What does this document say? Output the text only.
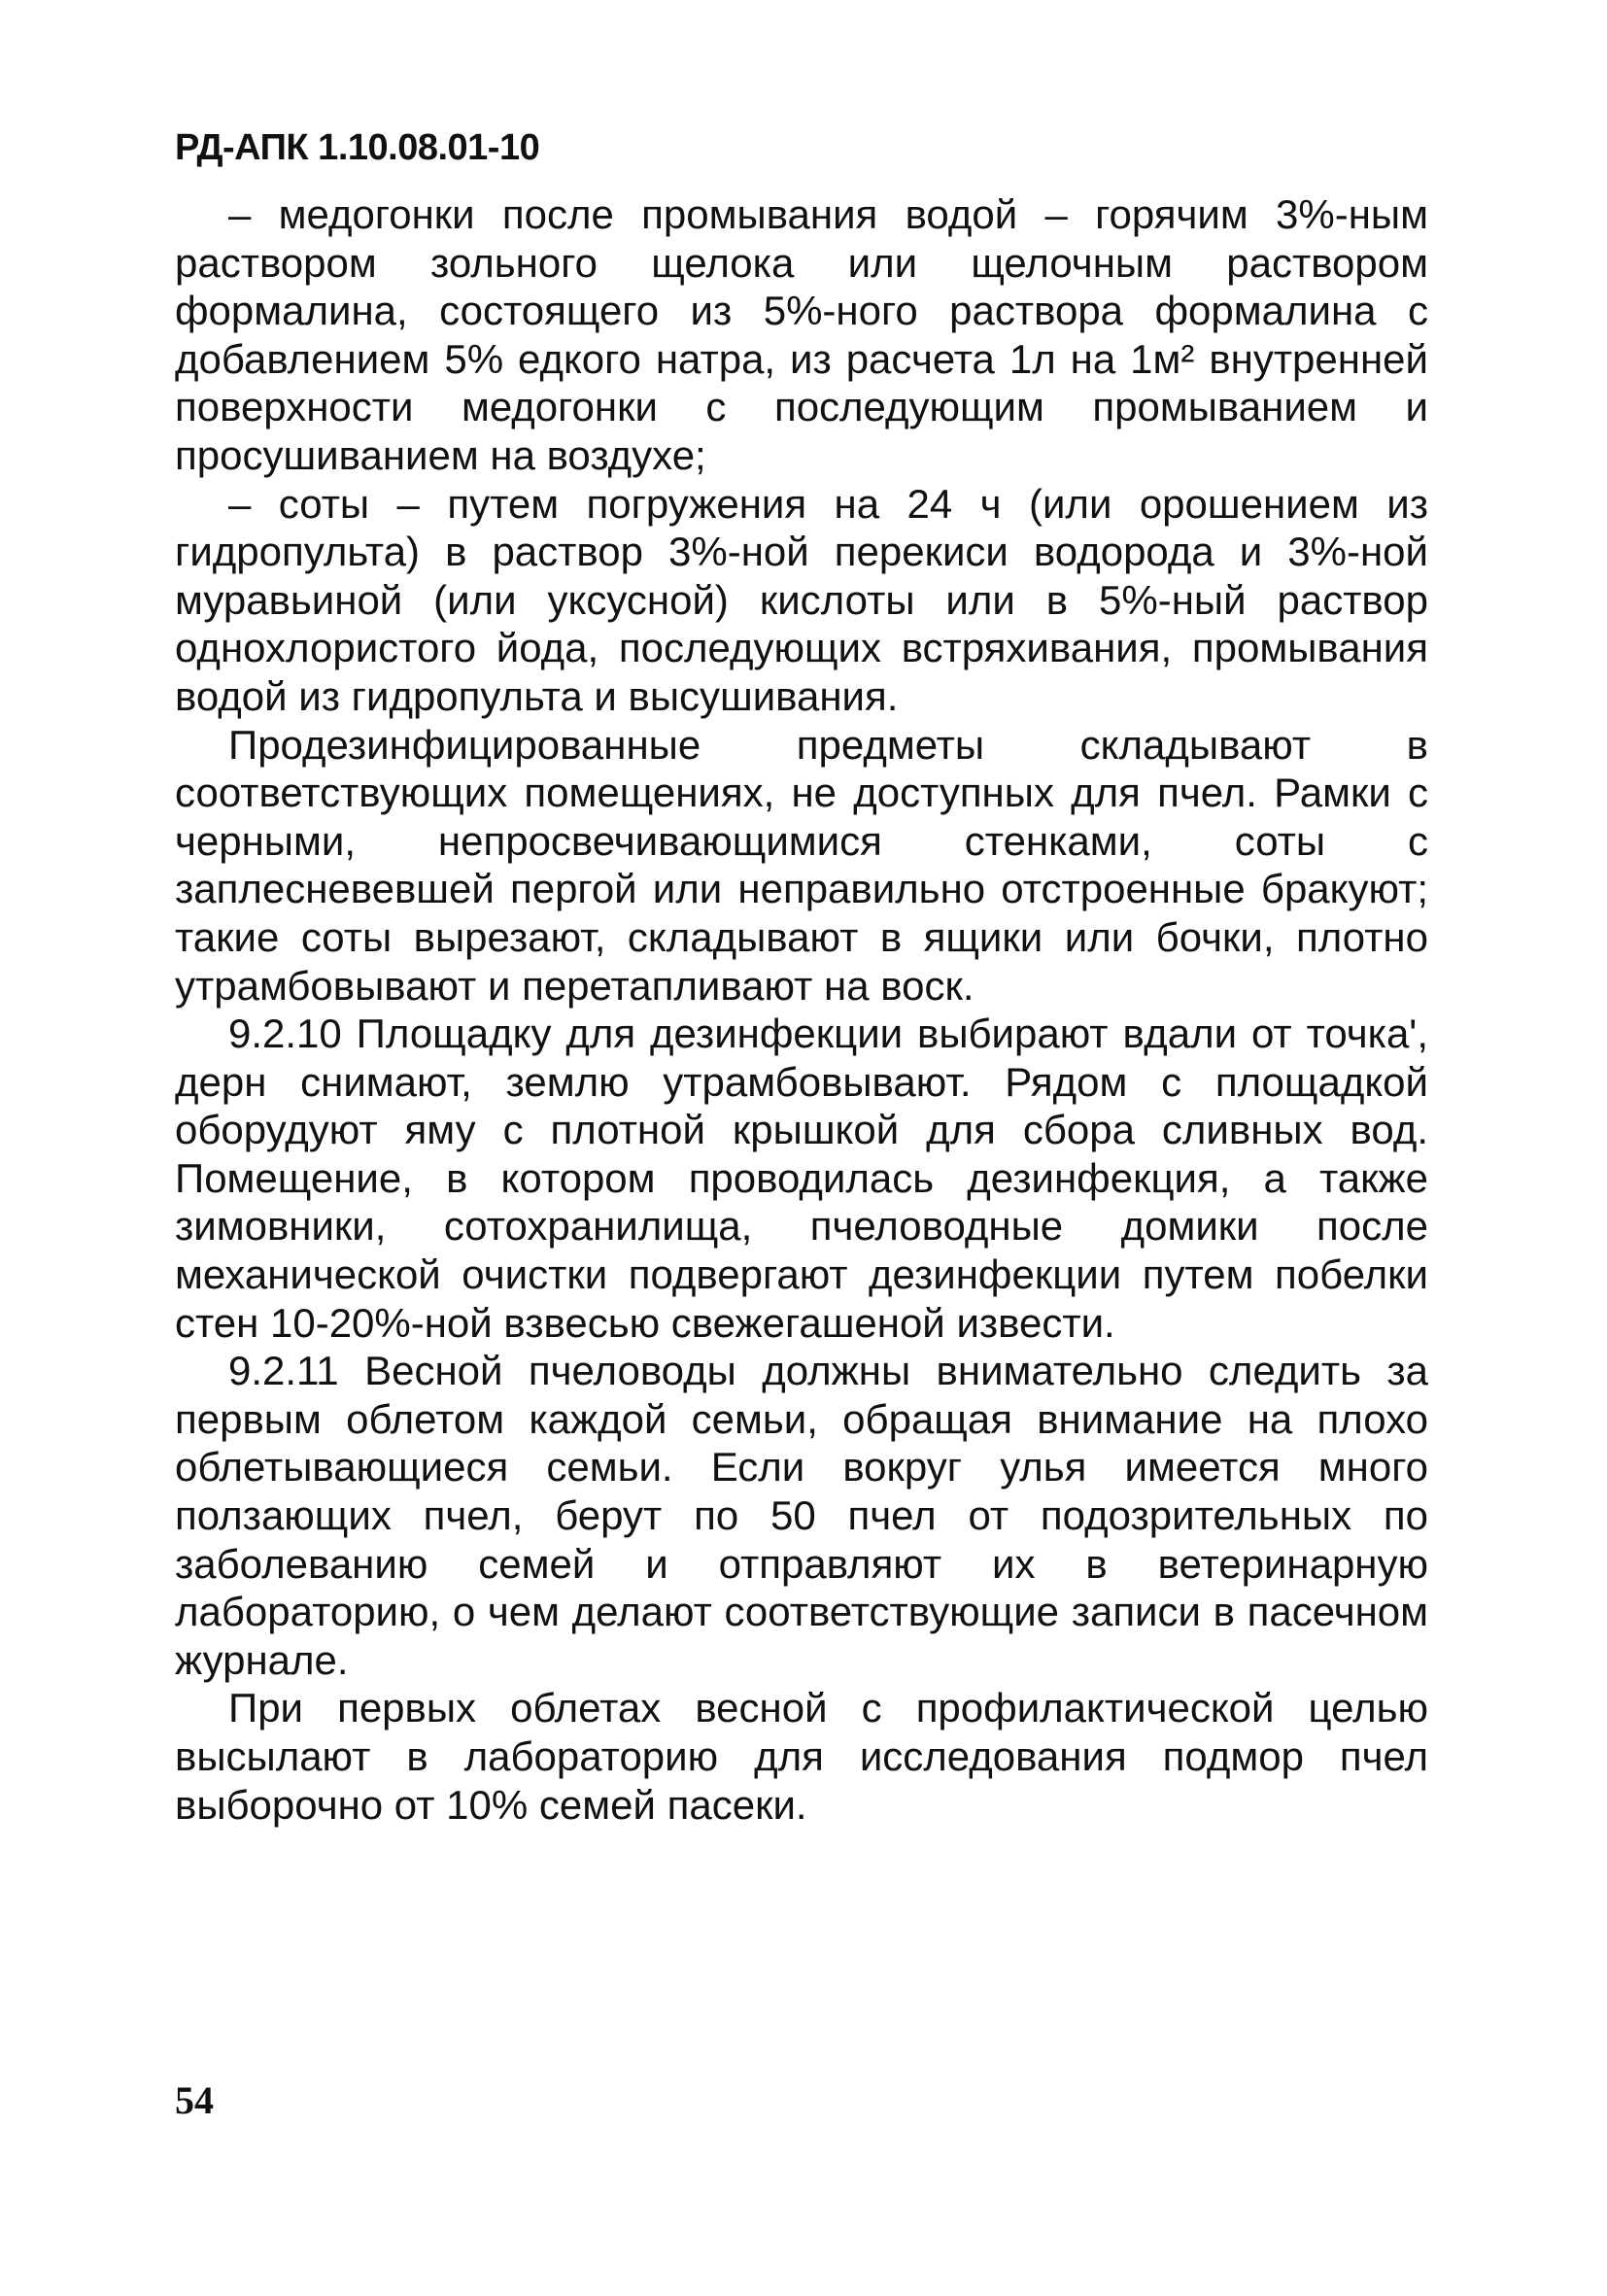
РД-АПК 1.10.08.01-10

– медогонки после промывания водой – горячим 3%-ным раствором зольного щелока или щелочным раствором формалина, состоящего из 5%-ного раствора формалина с добавлением 5% едкого натра, из расчета 1л на 1м² внутренней поверхности медогонки с последующим промыванием и просушиванием на воздухе;

– соты – путем погружения на 24 ч (или орошением из гидропульта) в раствор 3%-ной перекиси водорода и 3%-ной муравьиной (или уксусной) кислоты или в 5%-ный раствор однохлористого йода, последующих встряхивания, промывания водой из гидропульта и высушивания.

Продезинфицированные предметы складывают в соответствующих помещениях, не доступных для пчел. Рамки с черными, непросвечивающимися стенками, соты с заплесневевшей пергой или неправильно отстроенные бракуют; такие соты вырезают, складывают в ящики или бочки, плотно утрамбовывают и перетапливают на воск.

9.2.10 Площадку для дезинфекции выбирают вдали от точка', дерн снимают, землю утрамбовывают. Рядом с площадкой оборудуют яму с плотной крышкой для сбора сливных вод. Помещение, в котором проводилась дезинфекция, а также зимовники, сотохранилища, пчеловодные домики после механической очистки подвергают дезинфекции путем побелки стен 10-20%-ной взвесью свежегашеной извести.

9.2.11 Весной пчеловоды должны внимательно следить за первым облетом каждой семьи, обращая внимание на плохо облетывающиеся семьи. Если вокруг улья имеется много ползающих пчел, берут по 50 пчел от подозрительных по заболеванию семей и отправляют их в ветеринарную лабораторию, о чем делают соответствующие записи в пасечном журнале.

При первых облетах весной с профилактической целью высылают в лабораторию для исследования подмор пчел выборочно от 10% семей пасеки.

54
